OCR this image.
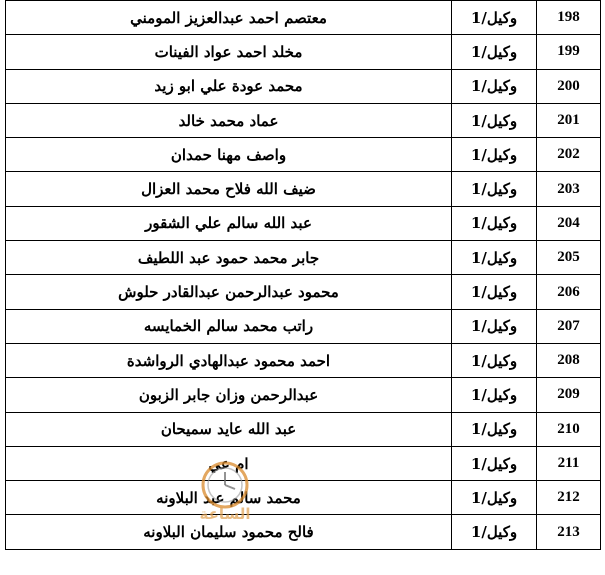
198	وكيل/1	معتصم احمد عبدالعزيز المومني
199	وكيل/1	مخلد احمد عواد الفينات
200	وكيل/1	محمد عودة علي ابو زيد
201	وكيل/1	عماد محمد خالد
202	وكيل/1	واصف مهنا حمدان
203	وكيل/1	ضيف الله فلاح محمد العزال
204	وكيل/1	عبد الله سالم علي الشقور
205	وكيل/1	جابر محمد حمود عبد اللطيف
206	وكيل/1	محمود عبدالرحمن عبدالقادر حلوش
207	وكيل/1	راتب محمد سالم الخمايسه
208	وكيل/1	احمد محمود عبدالهادي الرواشدة
209	وكيل/1	عبدالرحمن وزان جابر الزبون
210	وكيل/1	عبد الله عايد سميحان
211	وكيل/1	ام عي
212	وكيل/1	محمد سالم عبد البلاونه
213	وكيل/1	فالح محمود سليمان البلاونه
الساعة
